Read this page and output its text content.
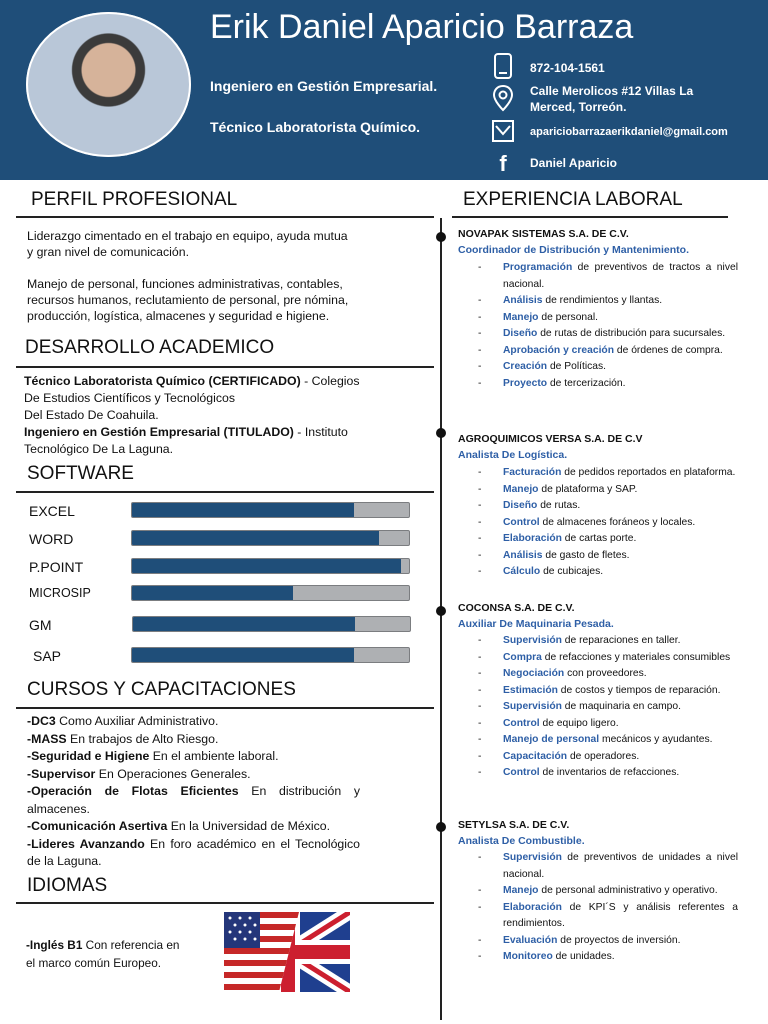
Erik Daniel Aparicio Barraza
Ingeniero en Gestión Empresarial.
Técnico Laboratorista Químico.
872-104-1561
Calle Merolicos #12 Villas La
Merced, Torreón.
apariciobarrazaerikdaniel@gmail.com
f Daniel Aparicio
PERFIL PROFESIONAL

Liderazgo cimentado en el trabajo en equipo, ayuda mutua

y gran nivel de comunicación.

Manejo de personal, funciones administrativas, contables,

recursos humanos, reclutamiento de personal, pre nómina,

producción, logística, almacenes y seguridad e higiene.

DESARROLLO ACADEMICO
Técnico Laboratorista Químico (CERTIFICADO) - Colegios
De Estudios Científicos y Tecnológicos
Del Estado De Coahuila.
Ingeniero en Gestión Empresarial (TITULADO) - Instituto
Tecnológico De La Laguna.
SOFTWARE
EXCEL
WORD
P.POINT
MICROSIP
GM
SAP
CURSOS Y CAPACITACIONES
-DC3 Como Auxiliar Administrativo.
-MASS En trabajos de Alto Riesgo.
-Seguridad e Higiene En el ambiente laboral.
-Supervisor En Operaciones Generales.
-Operación de Flotas Eficientes En distribución y almacenes.
-Comunicación Asertiva En la Universidad de México.
-Lideres Avanzando En foro académico en el Tecnológico de la Laguna.
IDIOMAS
-Inglés B1 Con referencia en
el marco común Europeo.
EXPERIENCIA LABORAL
NOVAPAK SISTEMAS S.A. DE C.V.
Coordinador de Distribución y Mantenimiento.
- Programación de preventivos de tractos a nivel nacional.
- Análisis de rendimientos y llantas.
- Manejo de personal.
- Diseño de rutas de distribución para sucursales.
- Aprobación y creación de órdenes de compra.
- Creación de Políticas.
- Proyecto de tercerización.
AGROQUIMICOS VERSA S.A. DE C.V
Analista De Logística.
- Facturación de pedidos reportados en plataforma.
- Manejo de plataforma y SAP.
- Diseño de rutas.
- Control de almacenes foráneos y locales.
- Elaboración de cartas porte.
- Análisis de gasto de fletes.
- Cálculo de cubicajes.
COCONSA S.A. DE C.V.
Auxiliar De Maquinaria Pesada.
- Supervisión de reparaciones en taller.
- Compra de refacciones y materiales consumibles
- Negociación con proveedores.
- Estimación de costos y tiempos de reparación.
- Supervisión de maquinaria en campo.
- Control de equipo ligero.
- Manejo de personal mecánicos y ayudantes.
- Capacitación de operadores.
- Control de inventarios de refacciones.
SETYLSA S.A. DE C.V.
Analista De Combustible.
- Supervisión de preventivos de unidades a nivel nacional.
- Manejo de personal administrativo y operativo.
- Elaboración de KPI´S y análisis referentes a rendimientos.
- Evaluación de proyectos de inversión.
- Monitoreo de unidades.
